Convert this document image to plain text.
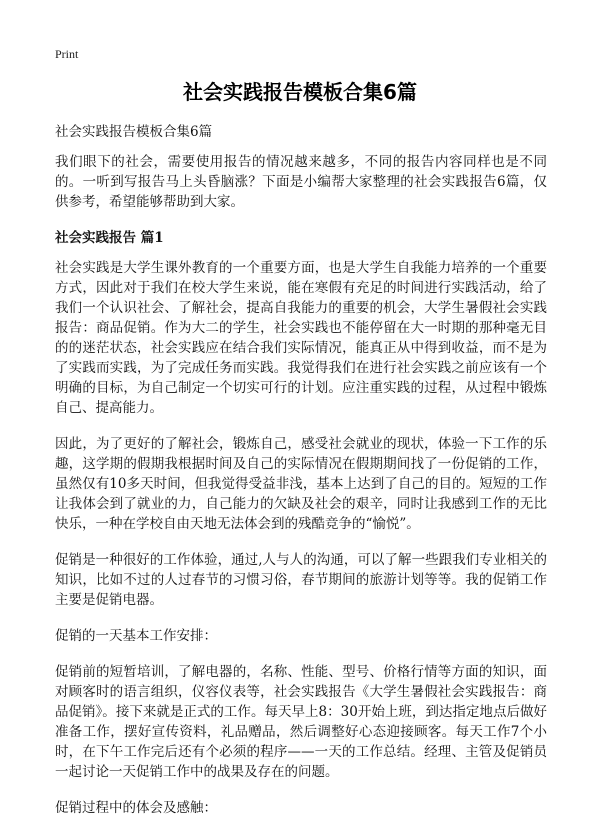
Print
社会实践报告模板合集6篇

社会实践报告模板合集6篇

我们眼下的社会，需要使用报告的情况越来越多，不同的报告内容同样也是不同的。一听到写报告马上头昏脑涨？下面是小编帮大家整理的社会实践报告6篇，仅供参考，希望能够帮助到大家。

社会实践报告 篇1

社会实践是大学生课外教育的一个重要方面，也是大学生自我能力培养的一个重要方式，因此对于我们在校大学生来说，能在寒假有充足的时间进行实践活动，给了我们一个认识社会、了解社会，提高自我能力的重要的机会，大学生暑假社会实践报告：商品促销。作为大二的学生，社会实践也不能停留在大一时期的那种毫无目的的迷茫状态，社会实践应在结合我们实际情况，能真正从中得到收益，而不是为了实践而实践，为了完成任务而实践。我觉得我们在进行社会实践之前应该有一个明确的目标，为自己制定一个切实可行的计划。应注重实践的过程，从过程中锻炼自己、提高能力。

因此，为了更好的了解社会，锻炼自己，感受社会就业的现状，体验一下工作的乐趣，这学期的假期我根据时间及自己的实际情况在假期期间找了一份促销的工作，虽然仅有10多天时间，但我觉得受益非浅，基本上达到了自己的目的。短短的工作让我体会到了就业的力，自己能力的欠缺及社会的艰辛，同时让我感到工作的无比快乐，一种在学校自由天地无法体会到的残酷竞争的“愉悦”。

促销是一种很好的工作体验，通过,人与人的沟通，可以了解一些跟我们专业相关的知识，比如不过的人过春节的习惯习俗，春节期间的旅游计划等等。我的促销工作主要是促销电器。

促销的一天基本工作安排：

促销前的短暂培训，了解电器的，名称、性能、型号、价格行情等方面的知识，面对顾客时的语言组织，仪容仪表等，社会实践报告《大学生暑假社会实践报告：商品促销》。接下来就是正式的工作。每天早上8：30开始上班，到达指定地点后做好准备工作，摆好宣传资料，礼品赠品，然后调整好心态迎接顾客。每天工作7个小时，在下午工作完后还有个必须的程序——一天的工作总结。经理、主管及促销员一起讨论一天促销工作中的战果及存在的问题。

促销过程中的体会及感触：
